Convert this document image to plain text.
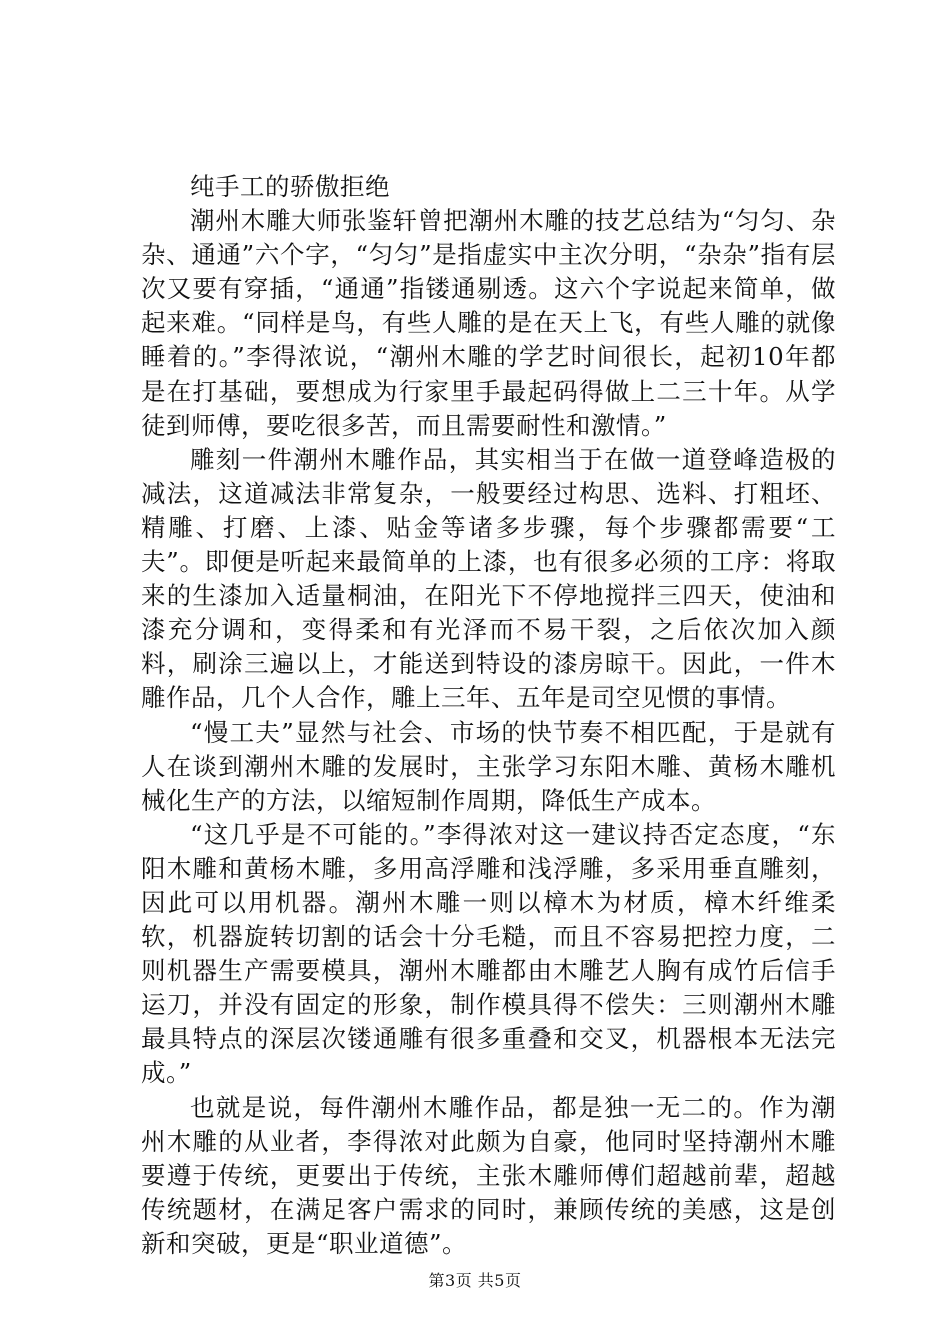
纯手工的骄傲拒绝

潮州木雕大师张鉴轩曾把潮州木雕的技艺总结为“匀匀、杂杂、通通”六个字，“匀匀”是指虚实中主次分明，“杂杂”指有层次又要有穿插，“通通”指镂通剔透。这六个字说起来简单，做起来难。“同样是鸟，有些人雕的是在天上飞，有些人雕的就像睡着的。”李得浓说，“潮州木雕的学艺时间很长，起初10年都是在打基础，要想成为行家里手最起码得做上二三十年。从学徒到师傅，要吃很多苦，而且需要耐性和激情。”

雕刻一件潮州木雕作品，其实相当于在做一道登峰造极的减法，这道减法非常复杂，一般要经过构思、选料、打粗坯、精雕、打磨、上漆、贴金等诸多步骤，每个步骤都需要“工夫”。即便是听起来最简单的上漆，也有很多必须的工序：将取来的生漆加入适量桐油，在阳光下不停地搅拌三四天，使油和漆充分调和，变得柔和有光泽而不易干裂，之后依次加入颜料，刷涂三遍以上，才能送到特设的漆房晾干。因此，一件木雕作品，几个人合作，雕上三年、五年是司空见惯的事情。

“慢工夫”显然与社会、市场的快节奏不相匹配，于是就有人在谈到潮州木雕的发展时，主张学习东阳木雕、黄杨木雕机械化生产的方法，以缩短制作周期，降低生产成本。

“这几乎是不可能的。”李得浓对这一建议持否定态度，“东阳木雕和黄杨木雕，多用高浮雕和浅浮雕，多采用垂直雕刻，因此可以用机器。潮州木雕一则以樟木为材质，樟木纤维柔软，机器旋转切割的话会十分毛糙，而且不容易把控力度，二则机器生产需要模具，潮州木雕都由木雕艺人胸有成竹后信手运刀，并没有固定的形象，制作模具得不偿失：三则潮州木雕最具特点的深层次镂通雕有很多重叠和交叉，机器根本无法完成。”

也就是说，每件潮州木雕作品，都是独一无二的。作为潮州木雕的从业者，李得浓对此颇为自豪，他同时坚持潮州木雕要遵于传统，更要出于传统，主张木雕师傅们超越前辈，超越传统题材，在满足客户需求的同时，兼顾传统的美感，这是创新和突破，更是“职业道德”。

第3页 共5页
